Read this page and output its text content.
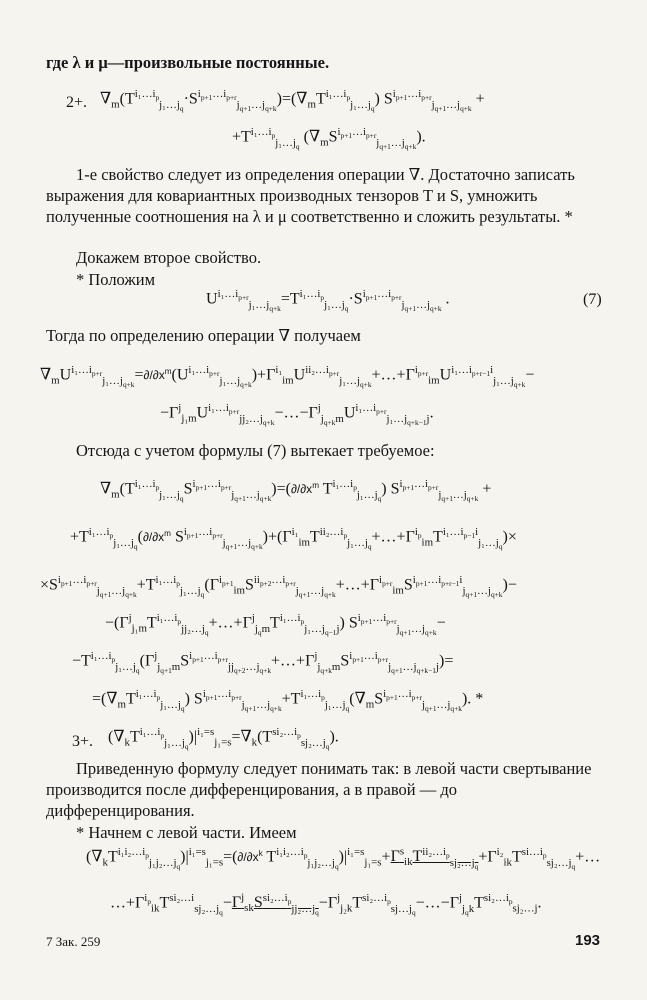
где λ и μ—произвольные постоянные.

2+. $\nabla_m(T^{i_1\dots i_p}_{j_1\dots j_q}\cdot S^{i_{p+1}\dots i_{p+r}}_{j_{q+1}\dots j_{q+k}})=(\nabla_mT^{i_1\dots i_p}_{j_1\dots j_q}) S^{i_{p+1}\dots i_{p+r}}_{j_{q+1}\dots j_{q+k}}$ +
$+T^{i_1\dots i_p}_{j_1\dots j_q}$ $(\nabla_mS^{i_{p+1}\dots i_{p+r}}_{j_{q+1}\dots j_{q+k}})$.

1-е свойство следует из определения операции ∇. Достаточно записать выражения для ковариантных производных тензоров T и S, умножить полученные соотношения на λ и μ соответственно и сложить результаты. *

Докажем второе свойство.

* Положим

$U^{i_1\dots i_{p+r}}_{j_1\dots j_{q+k}}=T^{i_1\dots i_p}_{j_1\dots j_q}\cdot S^{i_{p+1}\dots i_{p+r}}_{j_{q+1}\dots j_{q+k}}$ .	(7)

Тогда по определению операции ∇ получаем

$\nabla_mU^{i_1\dots i_{p+r}}_{j_1\dots j_{q+k}}=\partial/\partial x^m(U^{i_1\dots i_{p+r}}_{j_1\dots j_{q+k}})+\Gamma^{i_1}_{im}U^{ii_2\dots i_{p+r}}_{j_1\dots j_{q+k}}+\dots+\Gamma^{i_{p+r}}_{im}U^{i_1\dots i_{p+r-1}i}_{j_1\dots j_{q+k}}-$
$-\Gamma^j_{j_1m}U^{i_1\dots i_{p+r}}_{jj_2\dots j_{q+k}}-\dots-\Gamma^j_{j_{q+k}m}U^{i_1\dots i_{p+r}}_{j_1\dots j_{q+k-1}j}$.

Отсюда с учетом формулы (7) вытекает требуемое:

$\nabla_m(T^{i_1\dots i_p}_{j_1\dots j_q}S^{i_{p+1}\dots i_{p+r}}_{j_{q+1}\dots j_{q+k}})=(\partial/\partial x^m$ $T^{i_1\dots i_p}_{j_1\dots j_q}$) $S^{i_{p+1}\dots i_{p+r}}_{j_{q+1}\dots j_{q+k}}$ +
$+T^{i_1\dots i_p}_{j_1\dots j_q}(\partial/\partial x^m$ $S^{i_{p+1}\dots i_{p+r}}_{j_{q+1}\dots j_{q+k}})+(\Gamma^{i_1}_{im}T^{ii_2\dots i_p}_{j_1\dots j_q}+\dots+\Gamma^{i_p}_{im}T^{i_1\dots i_{p-1}i}_{j_1\dots j_q})\times$
$\times S^{i_{p+1}\dots i_{p+r}}_{j_{q+1}\dots j_{q+k}}+T^{i_1\dots i_p}_{j_1\dots j_q}(\Gamma^{i_{p+1}}_{im}S^{ii_{p+2}\dots i_{p+r}}_{j_{q+1}\dots j_{q+k}}+\dots+\Gamma^{i_{p+r}}_{im}S^{i_{p+1}\dots i_{p+r-1}i}_{j_{q+1}\dots j_{q+k}})-$
$-(\Gamma^j_{j_1m}T^{i_1\dots i_p}_{jj_2\dots j_q}+\dots+\Gamma^j_{j_qm}T^{i_1\dots i_p}_{j_1\dots j_{q-1}j})$ $S^{i_{p+1}\dots i_{p+r}}_{j_{q+1}\dots j_{q+k}}-$
$-T^{i_1\dots i_p}_{j_1\dots j_q}(\Gamma^j_{j_{q+1}m}S^{i_{p+1}\dots i_{p+r}}_{jj_{q+2}\dots j_{q+k}}+\dots+\Gamma^j_{j_{q+k}m}S^{i_{p+1}\dots i_{p+r}}_{j_{q+1}\dots j_{q+k-1}j})=$
$=(\nabla_mT^{i_1\dots i_p}_{j_1\dots j_q})$ $S^{i_{p+1}\dots i_{p+r}}_{j_{q+1}\dots j_{q+k}}+T^{i_1\dots i_p}_{j_1\dots j_q}(\nabla_mS^{i_{p+1}\dots i_{p+r}}_{j_{q+1}\dots j_{q+k}})$. *
3+. $(\nabla_kT^{i_1\dots i_p}_{j_1\dots j_q})|^{i_1=s}_{j_1=s}=\nabla_k(T^{si_2\dots i_p}_{sj_2\dots j_q})$.

Приведенную формулу следует понимать так: в левой части свертывание производится после дифференцирования, а в правой — до дифференцирования.

* Начнем с левой части. Имеем

$(\nabla_kT^{i_1i_2\dots i_p}_{j_1j_2\dots j_q})|^{i_1=s}_{j_1=s}=(\partial/\partial x^k$ $T^{i_1i_2\dots i_p}_{j_1j_2\dots j_q})|^{i_1=s}_{j_1=s}+\Gamma^s_{ik}T^{ii_2\dots i_p}_{sj_2\dots j_q}+\Gamma^{i_2}_{ik}T^{si\dots i_p}_{sj_2\dots j_q}+\dots$
$\dots+\Gamma^{i_p}_{ik}T^{si_2\dots i}_{sj_2\dots j_q}-\Gamma^j_{sk}S^{si_2\dots i_p}_{jj_2\dots j_q}-\Gamma^j_{j_2k}T^{si_2\dots i_p}_{sj\dots j_q}-\dots-\Gamma^j_{j_qk}T^{si_2\dots i_p}_{sj_2\dots j}$.
7 Зак. 259	193
